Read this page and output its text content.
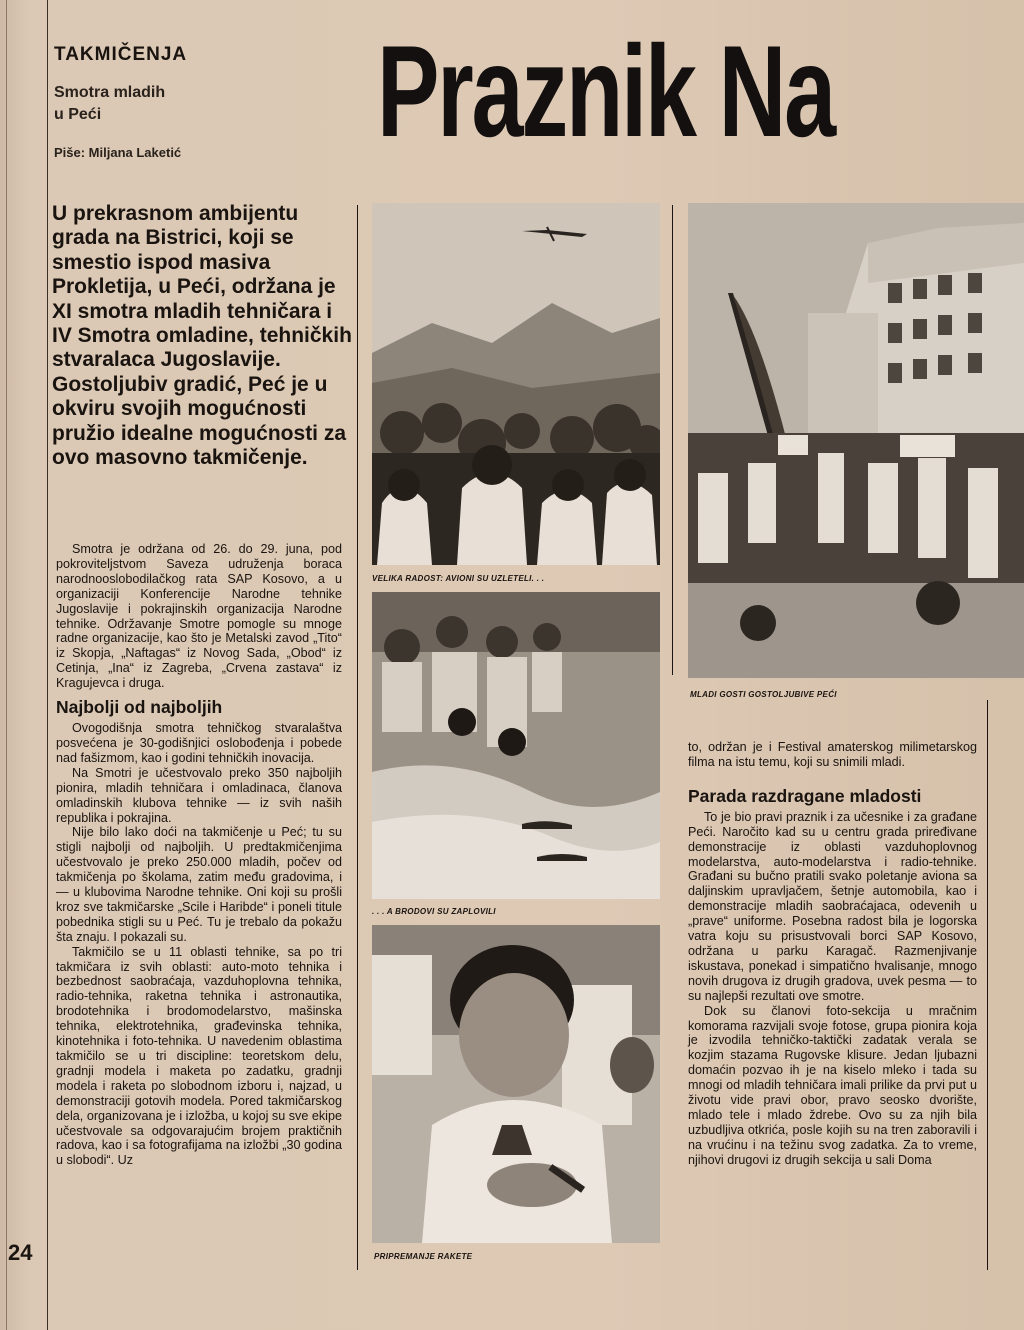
TAKMIČENJA
Smotra mladih
u Peći
Piše: Miljana Laketić Praznik Na
U prekrasnom ambijentu grada na Bistrici, koji se smestio ispod masiva Prokletija, u Peći, održana je XI smotra mladih tehničara i IV Smotra omladine, tehničkih stvaralaca Jugoslavije. Gostoljubiv gradić, Peć je u okviru svojih mogućnosti pružio idealne mogućnosti za ovo masovno takmičenje.

Smotra je održana od 26. do 29. juna, pod pokroviteljstvom Saveza udruženja boraca narodnooslobodilačkog rata SAP Kosovo, a u organizaciji Konferencije Narodne tehnike Jugoslavije i pokrajinskih organizacija Narodne tehnike. Održavanje Smotre pomogle su mnoge radne organizacije, kao što je Metalski zavod „Tito“ iz Skopja, „Naftagas“ iz Novog Sada, „Obod“ iz Cetinja, „Ina“ iz Zagreba, „Crvena zastava“ iz Kragujevca i druga.

Najbolji od najboljih

Ovogodišnja smotra tehničkog stvaralaštva posvećena je 30-godišnjici oslobođenja i pobede nad fašizmom, kao i godini tehničkih inovacija.

Na Smotri je učestvovalo preko 350 najboljih pionira, mladih tehničara i omladinaca, članova omladinskih klubova tehnike — iz svih naših republika i pokrajina.

Nije bilo lako doći na takmičenje u Peć; tu su stigli najbolji od najboljih. U predtakmičenjima učestvovalo je preko 250.000 mladih, počev od takmičenja po školama, zatim među gradovima, i — u klubovima Narodne tehnike. Oni koji su prošli kroz sve takmičarske „Scile i Haribde“ i poneli titule pobednika stigli su u Peć. Tu je trebalo da pokažu šta znaju. I pokazali su.

Takmičilo se u 11 oblasti tehnike, sa po tri takmičara iz svih oblasti: auto-moto tehnika i bezbednost saobraćaja, vazduhoplovna tehnika, radio-tehnika, raketna tehnika i astronautika, brodotehnika i brodomodelarstvo, mašinska tehnika, elektrotehnika, građevinska tehnika, kinotehnika i foto-tehnika. U navedenim oblastima takmičilo se u tri discipline: teoretskom delu, gradnji modela i maketa po zadatku, gradnji modela i raketa po slobodnom izboru i, najzad, u demonstraciji gotovih modela. Pored takmičarskog dela, organizovana je i izložba, u kojoj su sve ekipe učestvovale sa odgovarajućim brojem praktičnih radova, kao i sa fotografijama na izložbi „30 godina u slobodi“. Uz

VELIKA RADOST: AVIONI SU UZLETELI. . .
. . . A BRODOVI SU ZAPLOVILI
PRIPREMANJE RAKETE
MLADI GOSTI GOSTOLJUBIVE PEĆI

to, održan je i Festival amaterskog milimetarskog filma na istu temu, koji su snimili mladi.

Parada razdragane mladosti

To je bio pravi praznik i za učesnike i za građane Peći. Naročito kad su u centru grada priređivane demonstracije iz oblasti vazduhoplovnog modelarstva, auto-modelarstva i radio-tehnike. Građani su bučno pratili svako poletanje aviona sa daljinskim upravljačem, šetnje automobila, kao i demonstracije mladih saobraćajaca, odevenih u „prave“ uniforme. Posebna radost bila je logorska vatra koju su prisustvovali borci SAP Kosovo, održana u parku Karagač. Razmenjivanje iskustava, ponekad i simpatično hvalisanje, mnogo novih drugova iz drugih gradova, uvek pesma — to su najlepši rezultati ove smotre.

Dok su članovi foto-sekcija u mračnim komorama razvijali svoje fotose, grupa pionira koja je izvodila tehničko-taktički zadatak verala se kozjim stazama Rugovske klisure. Jedan ljubazni domaćin pozvao ih je na kiselo mleko i tada su mnogi od mladih tehničara imali prilike da prvi put u životu vide pravi obor, pravo seosko dvorište, mlado tele i mlado ždrebe. Ovo su za njih bila uzbudljiva otkrića, posle kojih su na tren zaboravili i na vrućinu i na težinu svog zadatka. Za to vreme, njihovi drugovi iz drugih sekcija u sali Doma

24
